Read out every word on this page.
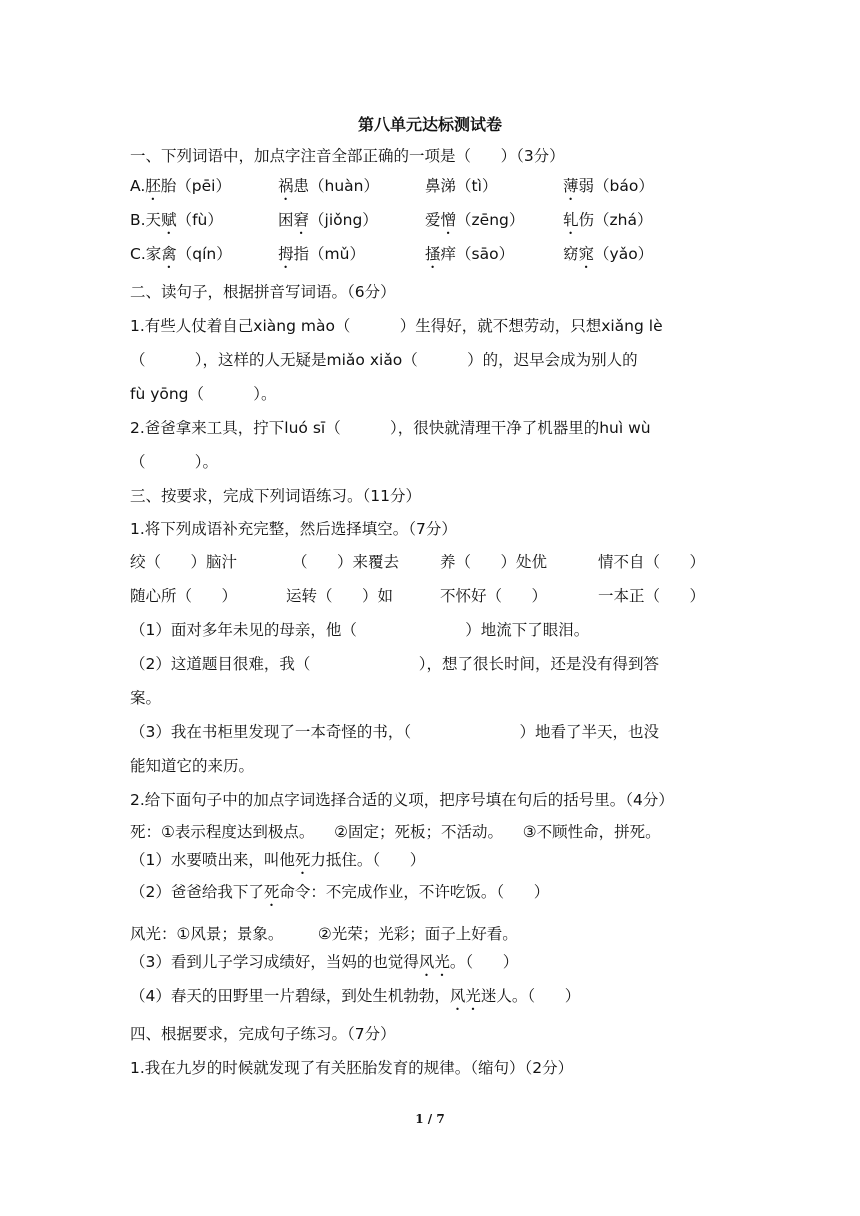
第八单元达标测试卷
一、下列词语中，加点字注音全部正确的一项是（      ）（3分）
A.胚胎（pēi）	祸患（huàn）	鼻涕（tì）	薄弱（báo）
B.天赋（fù）	困窘（jiǒng）	爱憎（zēng） 轧伤（zhá）
C.家禽（qín）	拇指（mǔ）	搔痒（sāo）	窈窕（yǎo）
二、读句子，根据拼音写词语。（6分）
1.有些人仗着自己xiàng mào（          ）生得好，就不想劳动，只想xiǎng lè
（          ），这样的人无疑是miǎo xiǎo（          ）的，迟早会成为别人的
fù yōng（          ）。
2.爸爸拿来工具，拧下luó sī（          ），很快就清理干净了机器里的huì wù
（          ）。
三、按要求，完成下列词语练习。（11分）
1.将下列成语补充完整，然后选择填空。（7分）
绞（      ）脑汁	（      ）来覆去	养（      ）处优	情不自（      ）
随心所（      ）	运转（      ）如	不怀好（      ）	一本正（      ）
（1）面对多年未见的母亲，他（                      ）地流下了眼泪。
（2）这道题目很难，我（                      ），想了很长时间，还是没有得到答
案。
（3）我在书柜里发现了一本奇怪的书，（                      ）地看了半天，也没
能知道它的来历。
2.给下面句子中的加点字词选择合适的义项，把序号填在句后的括号里。（4分）
死：①表示程度达到极点。    ②固定；死板；不活动。    ③不顾性命，拼死。
（1）水要喷出来，叫他死力抵住。（      ）
（2）爸爸给我下了死命令：不完成作业，不许吃饭。（      ）
风光：①风景；景象。       ②光荣；光彩；面子上好看。
（3）看到儿子学习成绩好，当妈的也觉得风光。（      ）
（4）春天的田野里一片碧绿，到处生机勃勃，风光迷人。（      ）
四、根据要求，完成句子练习。（7分）
1.我在九岁的时候就发现了有关胚胎发育的规律。（缩句）（2分）
1 / 7
